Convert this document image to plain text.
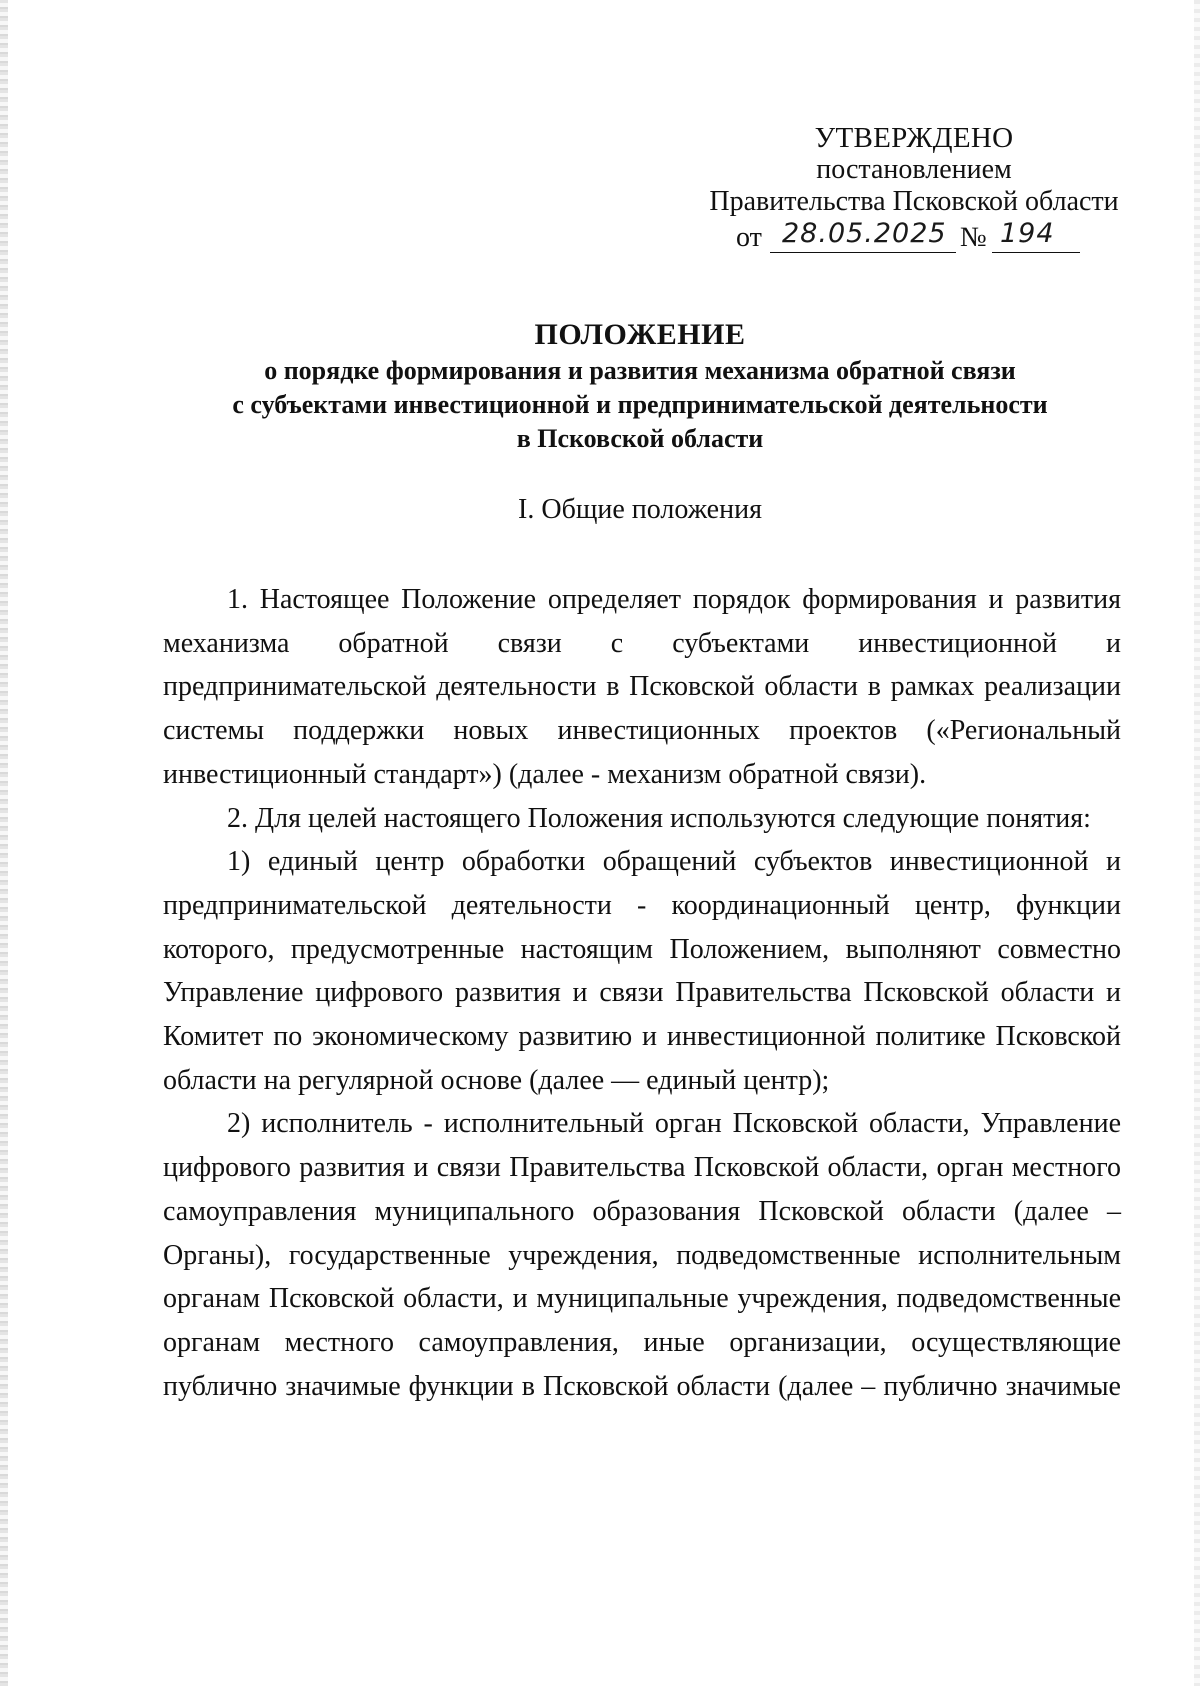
УТВЕРЖДЕНО
постановлением
Правительства Псковской области
от 28.05.2025 № 194
ПОЛОЖЕНИЕ
о порядке формирования и развития механизма обратной связи
с субъектами инвестиционной и предпринимательской деятельности
в Псковской области
I. Общие положения

1. Настоящее Положение определяет порядок формирования и развития механизма обратной связи с субъектами инвестиционной и предпринимательской деятельности в Псковской области в рамках реализации системы поддержки новых инвестиционных проектов («Региональный инвестиционный стандарт») (далее - механизм обратной связи).

2. Для целей настоящего Положения используются следующие понятия:

1) единый центр обработки обращений субъектов инвестиционной и предпринимательской деятельности - координационный центр, функции которого, предусмотренные настоящим Положением, выполняют совместно Управление цифрового развития и связи Правительства Псковской области и Комитет по экономическому развитию и инвестиционной политике Псковской области на регулярной основе (далее — единый центр);

2) исполнитель - исполнительный орган Псковской области, Управление цифрового развития и связи Правительства Псковской области, орган местного самоуправления муниципального образования Псковской области (далее – Органы), государственные учреждения, подведомственные исполнительным органам Псковской области, и муниципальные учреждения, подведомственные органам местного самоуправления, иные организации, осуществляющие публично значимые функции в Псковской области (далее – публично значимые
